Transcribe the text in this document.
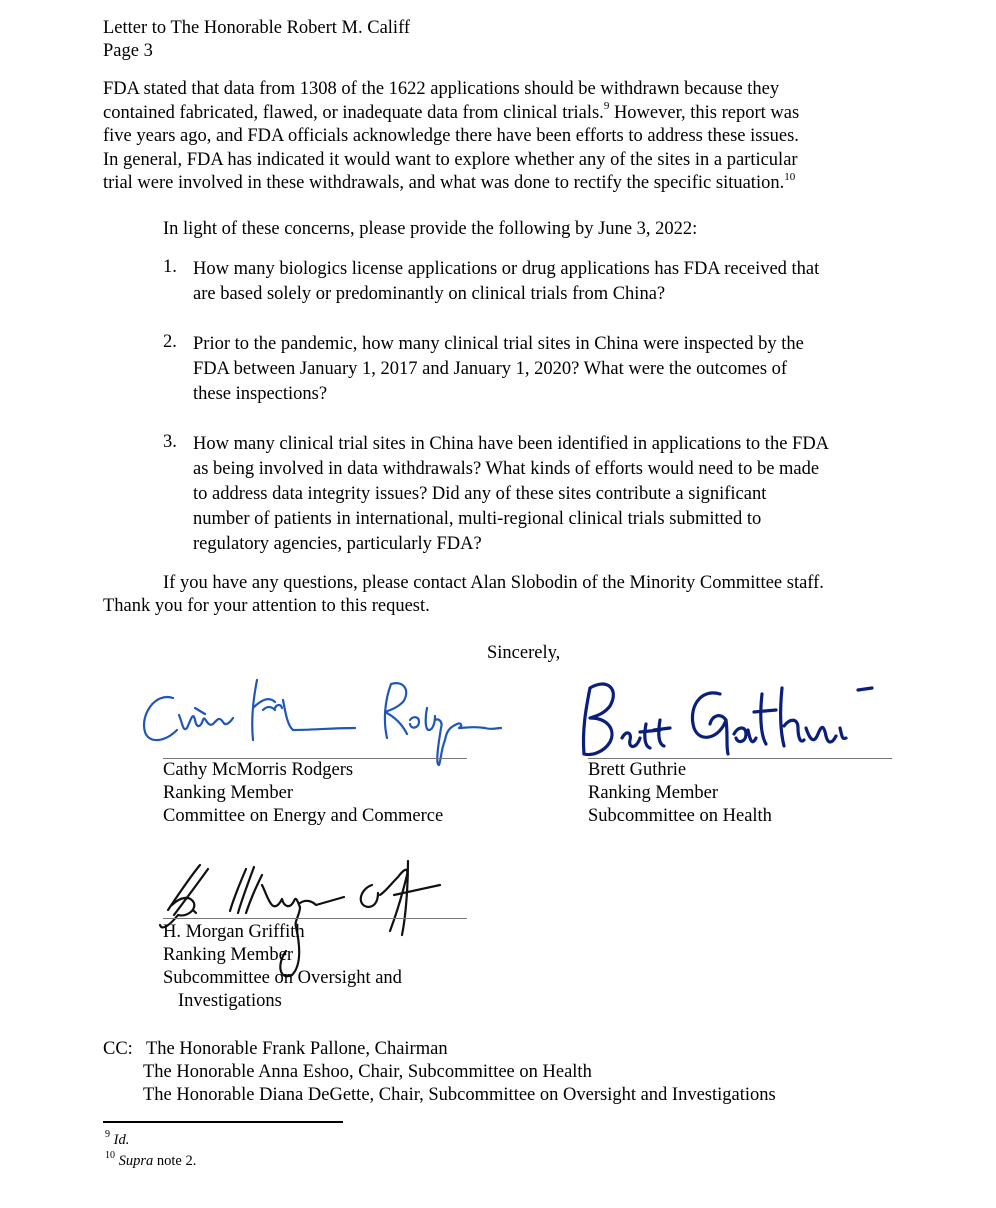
Letter to The Honorable Robert M. Califf
Page 3
FDA stated that data from 1308 of the 1622 applications should be withdrawn because they
contained fabricated, flawed, or inadequate data from clinical trials.$^9$ However, this report was
five years ago, and FDA officials acknowledge there have been efforts to address these issues.
In general, FDA has indicated it would want to explore whether any of the sites in a particular
trial were involved in these withdrawals, and what was done to rectify the specific situation.$^{10}$
In light of these concerns, please provide the following by June 3, 2022:
1. How many biologics license applications or drug applications has FDA received that
are based solely or predominantly on clinical trials from China?
2. Prior to the pandemic, how many clinical trial sites in China were inspected by the
FDA between January 1, 2017 and January 1, 2020? What were the outcomes of
these inspections?
3. How many clinical trial sites in China have been identified in applications to the FDA
as being involved in data withdrawals? What kinds of efforts would need to be made
to address data integrity issues? Did any of these sites contribute a significant
number of patients in international, multi-regional clinical trials submitted to
regulatory agencies, particularly FDA?
If you have any questions, please contact Alan Slobodin of the Minority Committee staff.
Thank you for your attention to this request.
Sincerely,
Cathy McMorris Rodgers
Ranking Member
Committee on Energy and Commerce
Brett Guthrie
Ranking Member
Subcommittee on Health
H. Morgan Griffith
Ranking Member
Subcommittee on Oversight and
Investigations
CC: The Honorable Frank Pallone, Chairman
The Honorable Anna Eshoo, Chair, Subcommittee on Health
The Honorable Diana DeGette, Chair, Subcommittee on Oversight and Investigations
$^9$ Id.
$^{10}$ Supra note 2.
